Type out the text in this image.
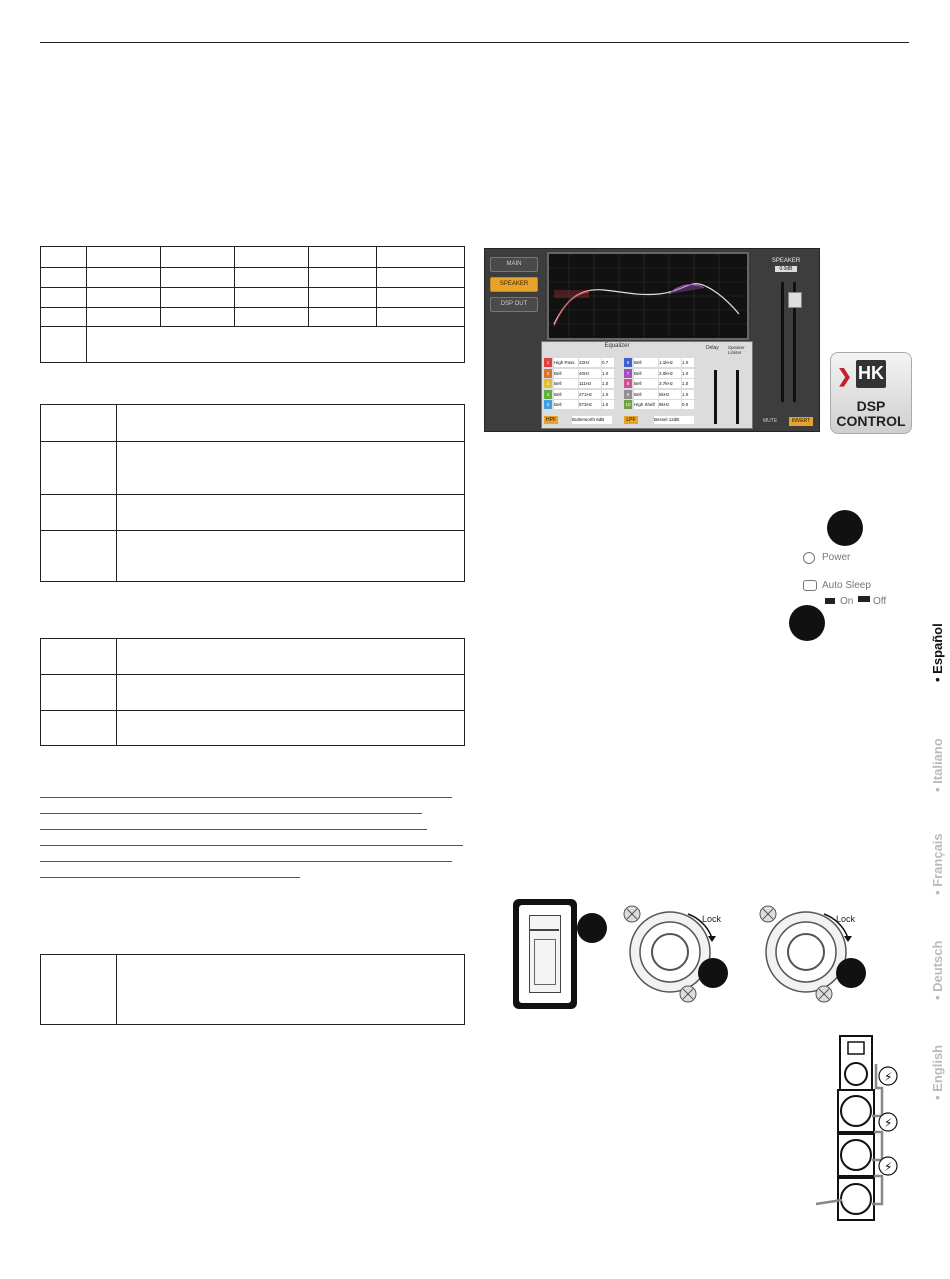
MAIN
SPEAKER
DSP OUT
Equalizer
1 High Pass 22Hz	0.7
2 Bell	40Hz	1.0
3 Bell	111Hz 1.0
4 Bell	271Hz 1.0
5 Bell	573Hz 1.0
6 Bell	1.1kHz 1.0
7 Bell	2.0kHz 1.0
8 Bell	3.7kHz 1.0
9 Bell	5kHz	1.0
10 High Shelf 8kHz	0.0
HPF	Butterworth 6dB	LPF	Bessel 12dB
Delay Speaker Limiter
SPEAKER
0.0dB
MUTE	INVERT
❯ HK
DSP
CONTROL
Power
Auto Sleep
On Off
• Español
• Italiano
• Français
• Deutsch
• English
Lock	Lock
⚡
⚡
⚡
